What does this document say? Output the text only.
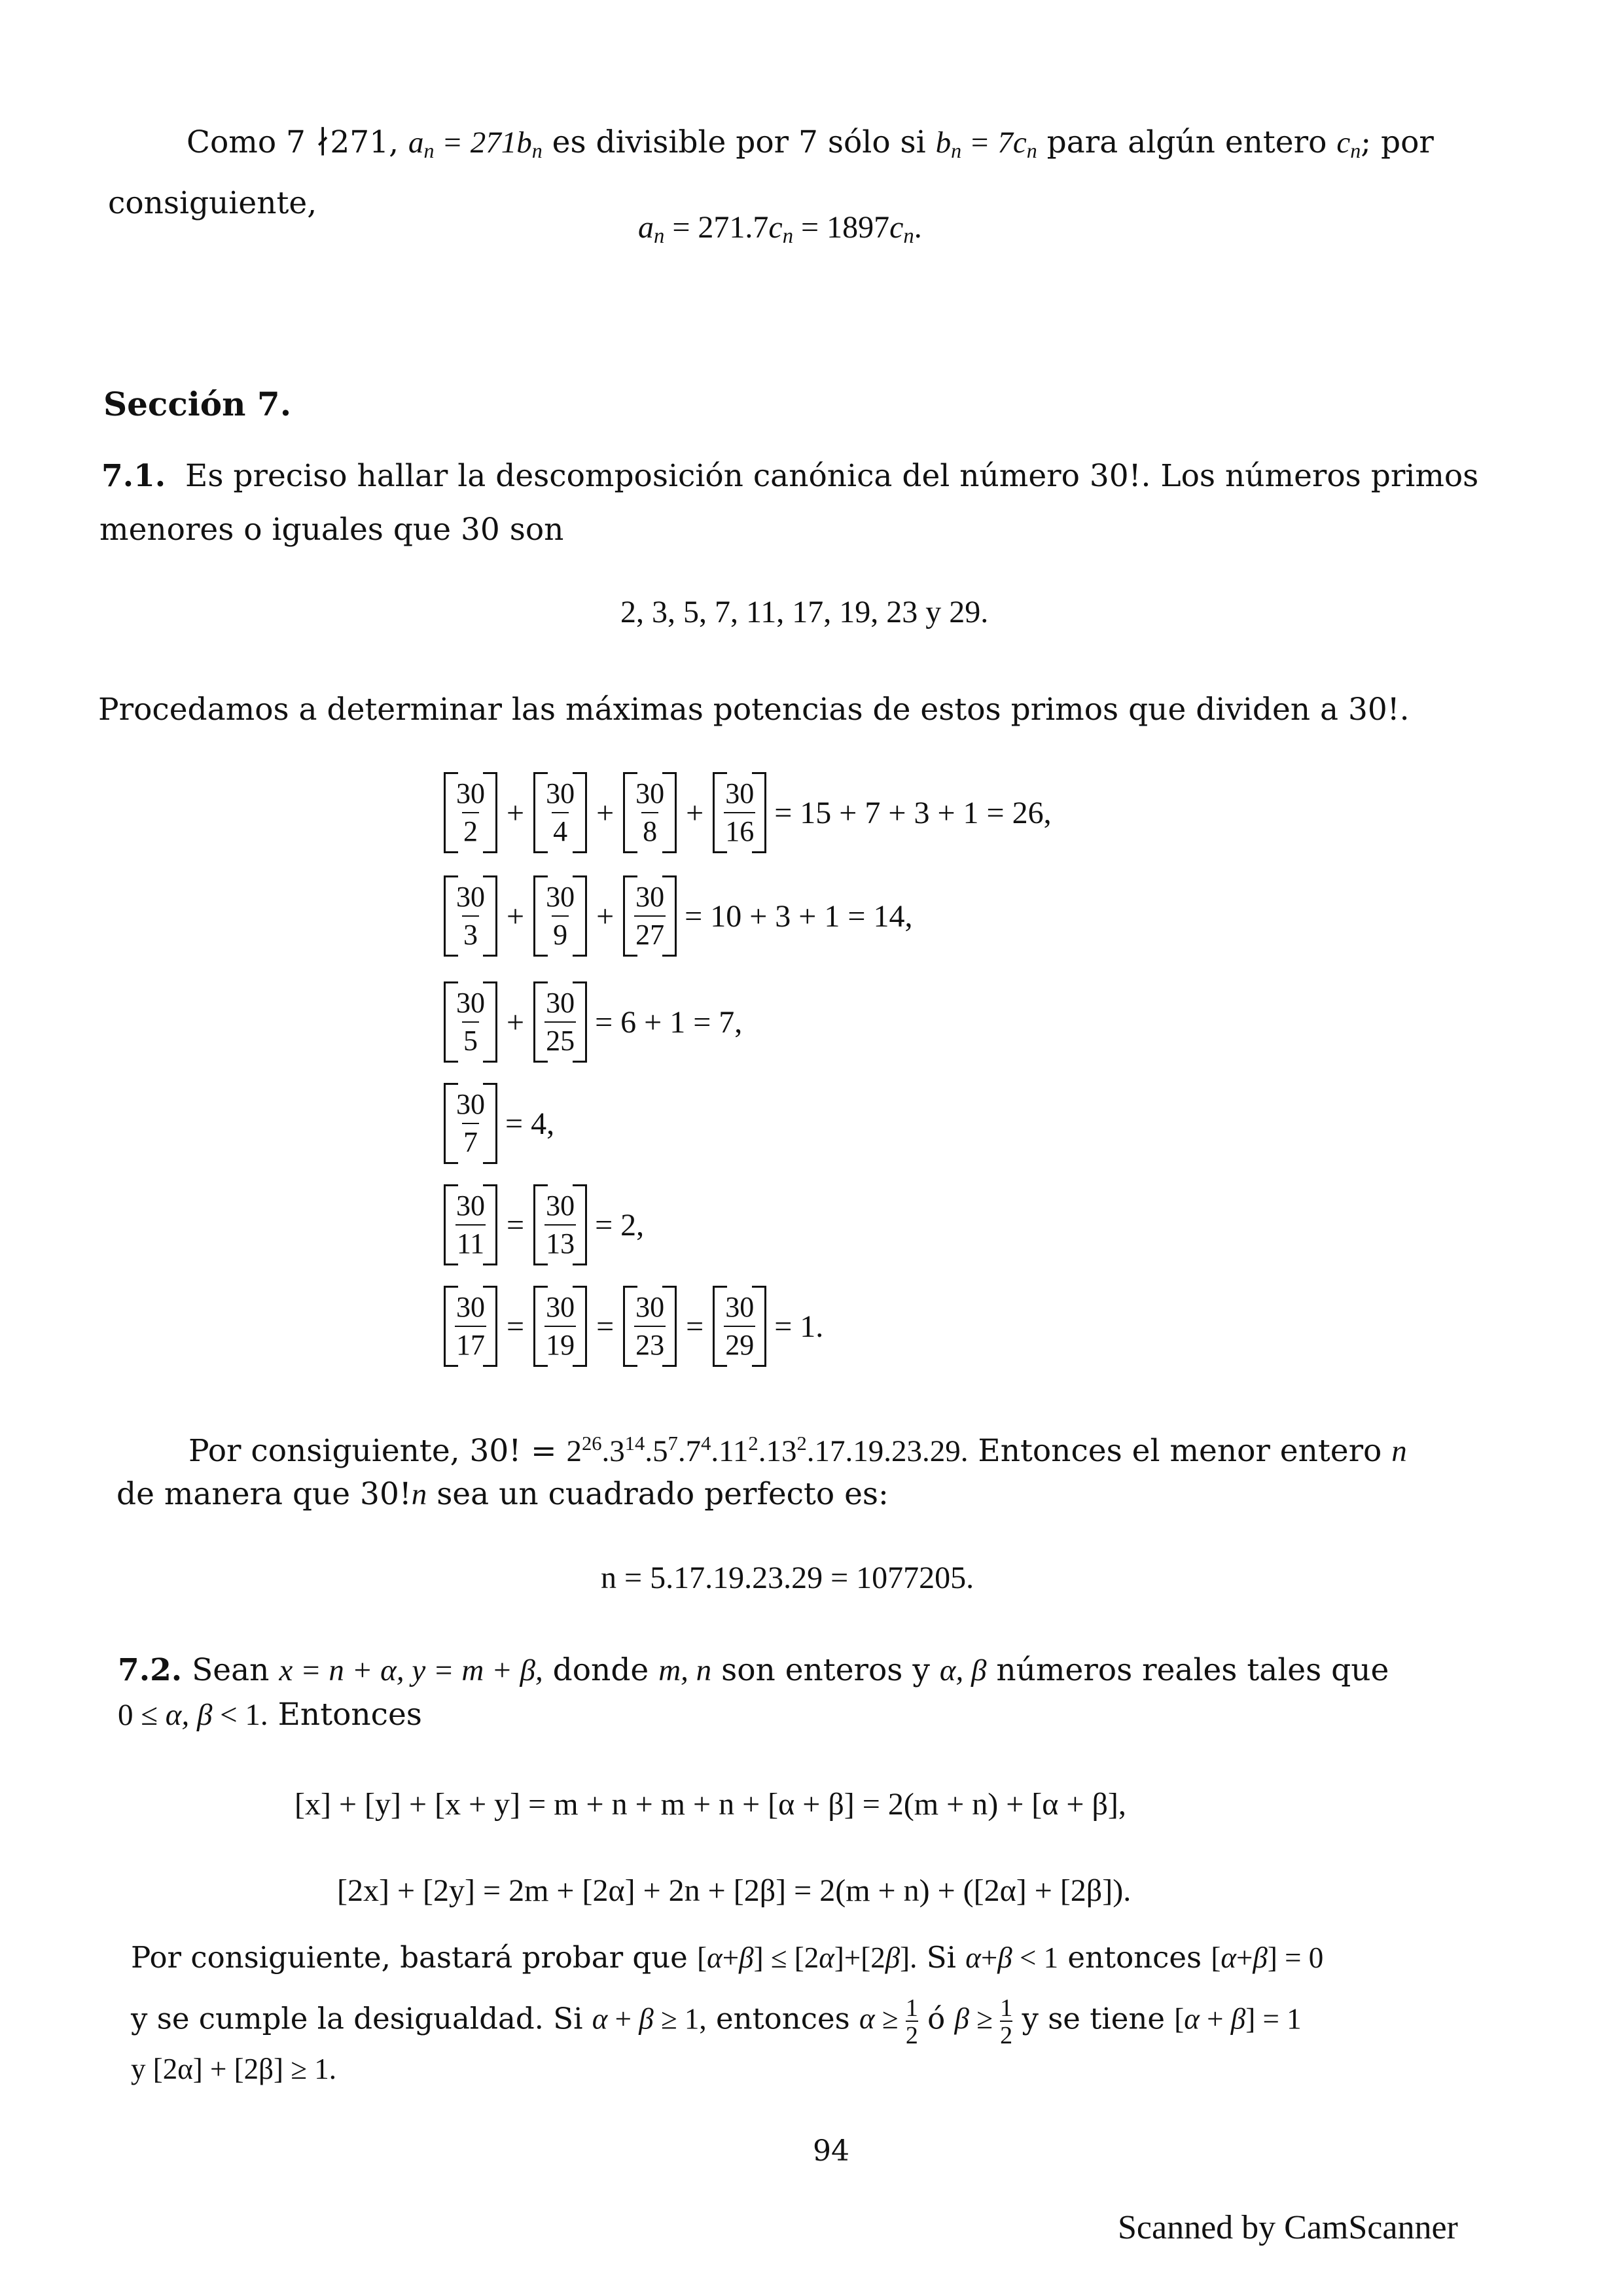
Como 7 ∤271, $a_n = 271b_n$ es divisible por 7 sólo si $b_n = 7c_n$ para algún entero $c_n$; por
consiguiente,
$a_n = 271.7c_n = 1897c_n$.
Sección 7.
7.1. Es preciso hallar la descomposición canónica del número 30!. Los números primos
menores o iguales que 30 son
2, 3, 5, 7, 11, 17, 19, 23 y 29.
Procedamos a determinar las máximas potencias de estos primos que dividen a 30!.
$\frac{30}{2} + \frac{30}{4} + \frac{30}{8} + \frac{30}{16} = 15 + 7 + 3 + 1 = 26$,
$\frac{30}{3} + \frac{30}{9} + \frac{30}{27} = 10 + 3 + 1 = 14$,
$\frac{30}{5} + \frac{30}{25} = 6 + 1 = 7$,
$\frac{30}{7} = 4$,
$\frac{30}{11} = \frac{30}{13} = 2$,
$\frac{30}{17} = \frac{30}{19} = \frac{30}{23} = \frac{30}{29} = 1$.
Por consiguiente, 30! = $2^{26}.3^{14}.5^7.7^4.11^2.13^2.17.19.23.29$. Entonces el menor entero n
de manera que 30!n sea un cuadrado perfecto es:
n = 5.17.19.23.29 = 1077205.
7.2. Sean x = n + α, y = m + β, donde m, n son enteros y α, β números reales tales que
0 ≤ α, β < 1. Entonces
[x] + [y] + [x + y] = m + n + m + n + [α + β] = 2(m + n) + [α + β],
[2x] + [2y] = 2m + [2α] + 2n + [2β] = 2(m + n) + ([2α] + [2β]).
Por consiguiente, bastará probar que [α+β] ≤ [2α]+[2β]. Si α+β < 1 entonces [α+β] = 0
y se cumple la desigualdad. Si α + β ≥ 1, entonces $\alpha \ge \frac{1}{2}$ ó $\beta \ge \frac{1}{2}$ y se tiene [α + β] = 1
y [2α] + [2β] ≥ 1.
94
Scanned by CamScanner
